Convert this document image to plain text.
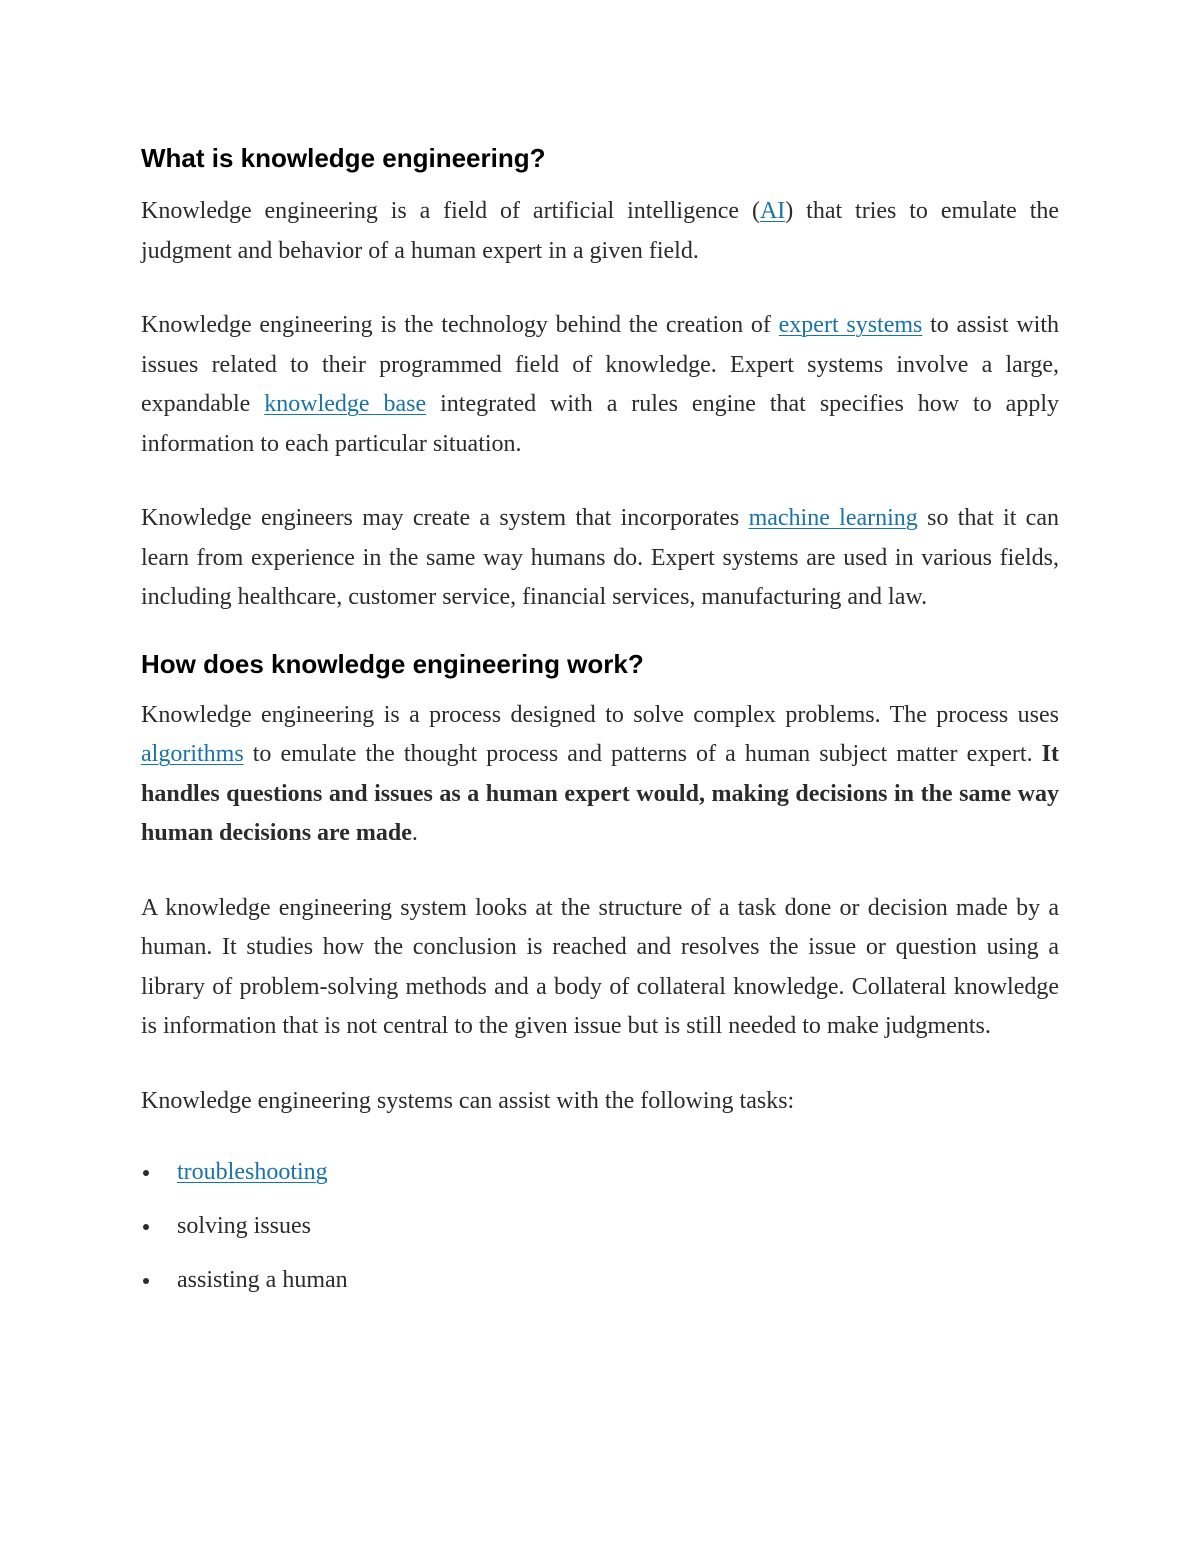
What is knowledge engineering?

Knowledge engineering is a field of artificial intelligence (AI) that tries to emulate the judgment and behavior of a human expert in a given field.

Knowledge engineering is the technology behind the creation of expert systems to assist with issues related to their programmed field of knowledge. Expert systems involve a large, expandable knowledge base integrated with a rules engine that specifies how to apply information to each particular situation.

Knowledge engineers may create a system that incorporates machine learning so that it can learn from experience in the same way humans do. Expert systems are used in various fields, including healthcare, customer service, financial services, manufacturing and law.

How does knowledge engineering work?

Knowledge engineering is a process designed to solve complex problems. The process uses algorithms to emulate the thought process and patterns of a human subject matter expert. It handles questions and issues as a human expert would, making decisions in the same way human decisions are made.

A knowledge engineering system looks at the structure of a task done or decision made by a human. It studies how the conclusion is reached and resolves the issue or question using a library of problem-solving methods and a body of collateral knowledge. Collateral knowledge is information that is not central to the given issue but is still needed to make judgments.

Knowledge engineering systems can assist with the following tasks:

troubleshooting
solving issues
assisting a human
